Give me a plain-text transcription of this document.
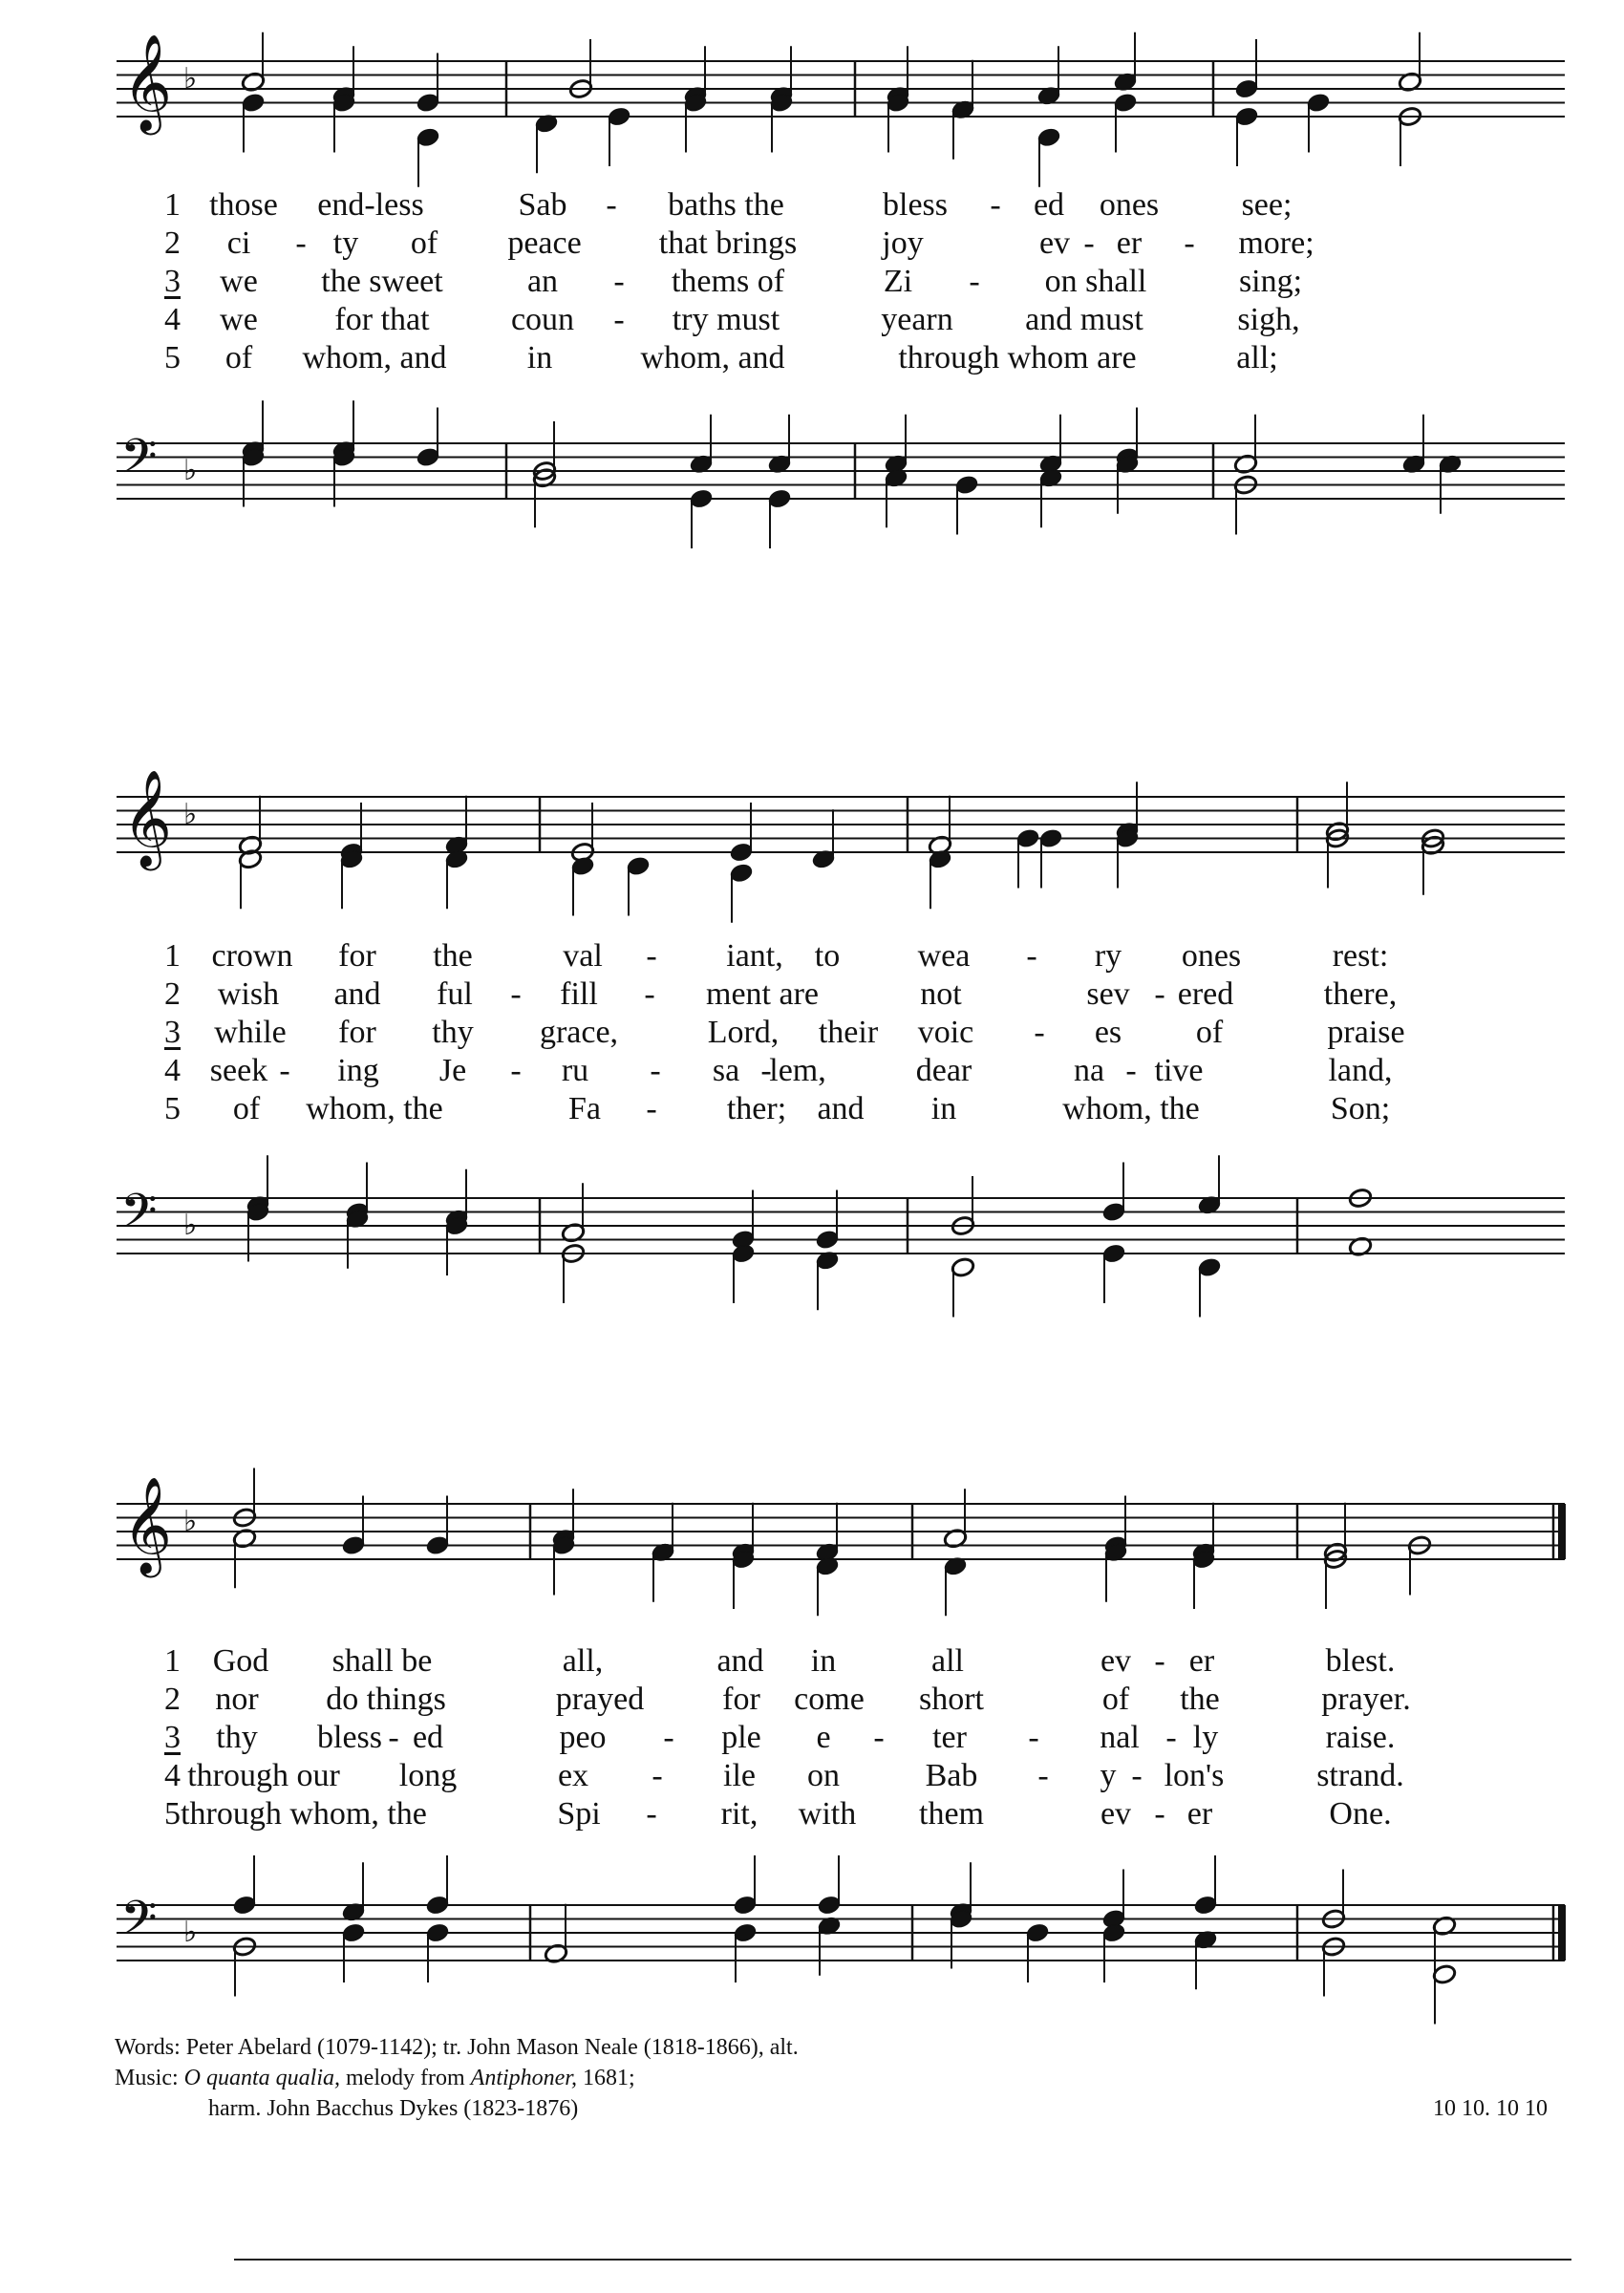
𝄞 ♭
1 those end-less	Sab - baths the	bless - ed ones	see;
2 ci - ty of peace that brings	joy	ev - er - more;
3 we the sweet	an - thems of	Zi - on shall	sing;
4 we for that	coun - try must	yearn and must	sigh,
5 of whom, and in	whom, and	through whom are	all;
𝄢 ♭
𝄞 ♭
1 crown for the	val - iant, to wea - ry ones	rest:
2 wish and ful - fill - ment are	not	sev - ered	there,
3 while for thy grace,	Lord, their voic - es of	praise
4 seek - ing Je - ru - sa -
lem,	dear	na - tive	land,
5 of whom, the	Fa - ther; and in	whom, the	Son;
𝄢 ♭
𝄞 ♭
1 God shall be	all,	and in	all	ev - er	blest.
2 nor do things	prayed for come short	of the	prayer.
3 thy bless - ed	peo - ple e - ter - nal - ly	raise.
4 through our long	ex - ile on	Bab - y - lon's	strand.
5 through whom, the	Spi - rit, with them	ev - er	One.
𝄢 ♭
Words: Peter Abelard (1079-1142); tr. John Mason Neale (1818-1866), alt.
Music: O quanta qualia, melody from Antiphoner, 1681;
harm. John Bacchus Dykes (1823-1876)	10 10. 10 10
